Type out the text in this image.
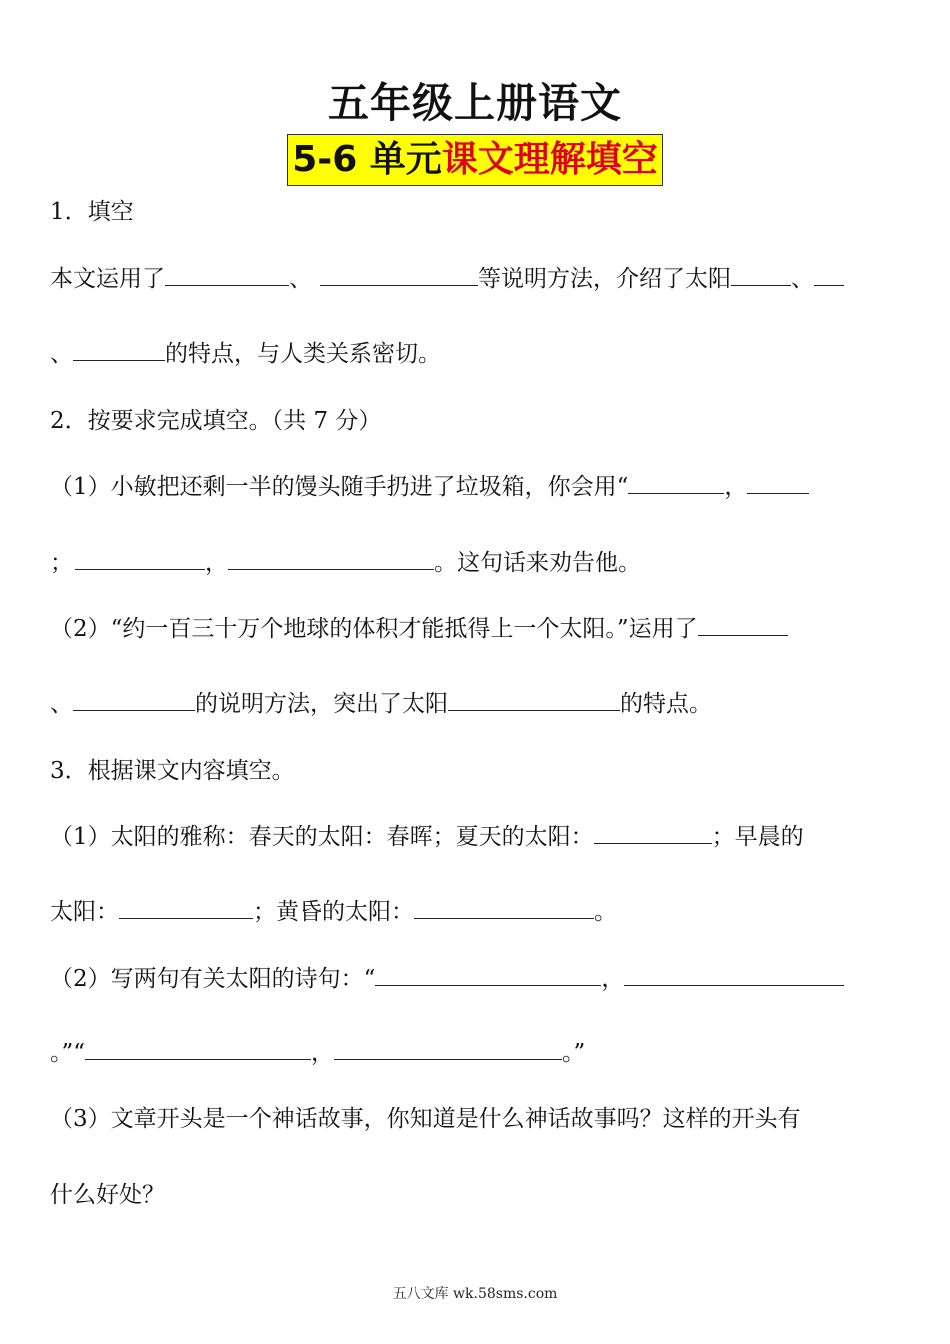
五年级上册语文
5-6 单元课文理解填空
1．填空
本文运用了	、	等说明方法，介绍了太阳	、
、	的特点，与人类关系密切。
2．按要求完成填空。（共 7 分）
（1）小敏把还剩一半的馒头随手扔进了垃圾箱，你会用“	，
；	，	。这句话来劝告他。
（2）“约一百三十万个地球的体积才能抵得上一个太阳。”运用了
、	的说明方法，突出了太阳	的特点。
3．根据课文内容填空。
（1）太阳的雅称：春天的太阳：春晖；夏天的太阳：	；早晨的
太阳：	；黄昏的太阳：	。
（2）写两句有关太阳的诗句：“	，
。”“	，	。”
（3）文章开头是一个神话故事，你知道是什么神话故事吗？这样的开头有
什么好处？
五八文库 wk.58sms.com
